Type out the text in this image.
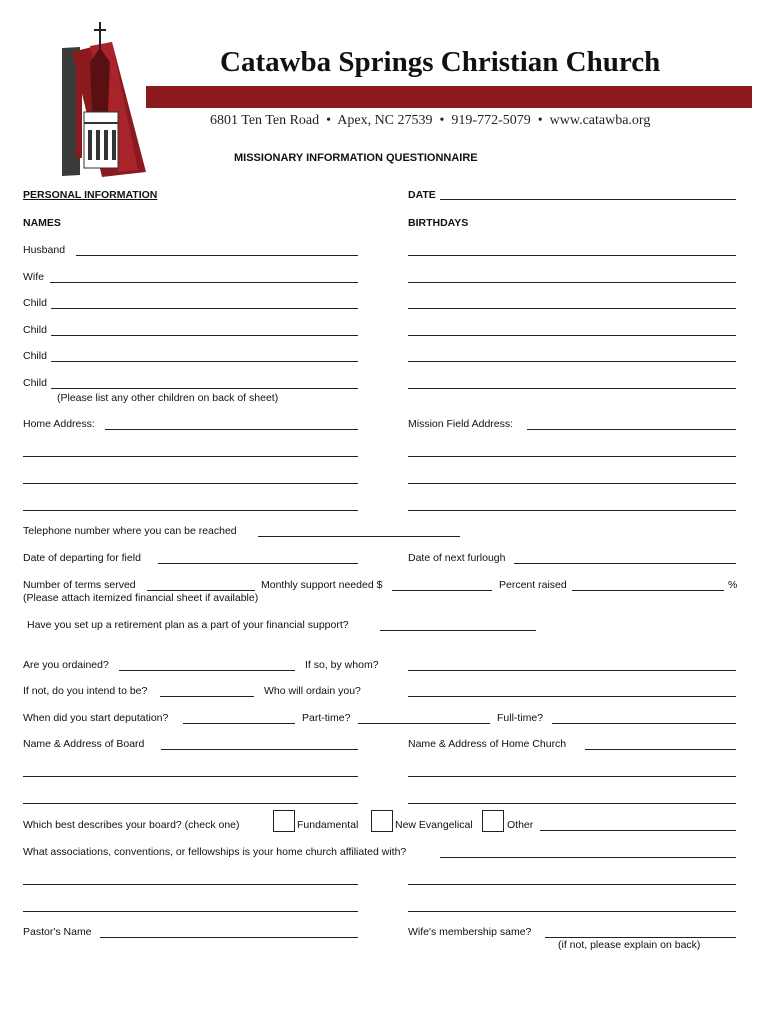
Catawba Springs Christian Church
6801 Ten Ten Road  •  Apex, NC 27539  •  919-772-5079  •  www.catawba.org
MISSIONARY INFORMATION QUESTIONNAIRE
PERSONAL INFORMATION	DATE
NAMES	BIRTHDAYS
Husband
Wife
Child
Child
Child
Child
(Please list any other children on back of sheet)
Home Address:	Mission Field Address:
Telephone number where you can be reached
Date of departing for field	Date of next furlough
Number of terms served	Monthly support needed $	Percent raised	%
(Please attach itemized financial sheet if available)
Have you set up a retirement plan as a part of your financial support?
Are you ordained?	If so, by whom?
If not, do you intend to be?	Who will ordain you?
When did you start deputation?	Part-time?	Full-time?
Name & Address of Board	Name & Address of Home Church
Which best describes your board? (check one)	Fundamental	New Evangelical	Other
What associations, conventions, or fellowships is your home church affiliated with?
Pastor's Name	Wife's membership same?
(if not, please explain on back)
